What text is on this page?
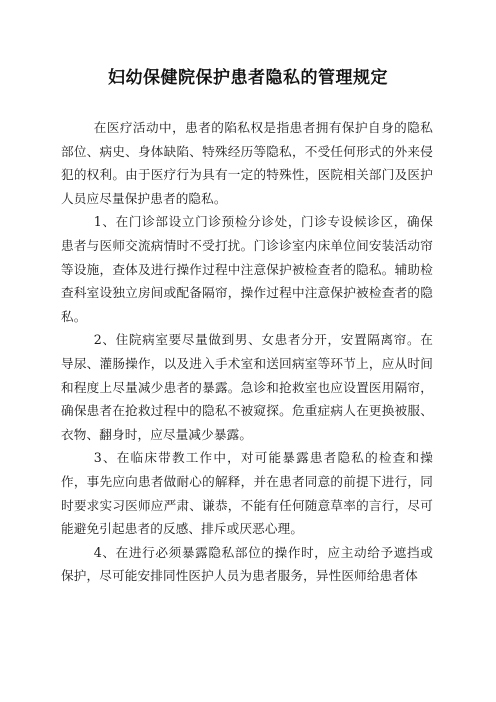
妇幼保健院保护患者隐私的管理规定

在医疗活动中，患者的陷私权是指患者拥有保护自身的隐私部位、病史、身体缺陷、特殊经历等隐私，不受任何形式的外来侵犯的权利。由于医疗行为具有一定的特殊性，医院相关部门及医护人员应尽量保护患者的隐私。

1、在门诊部设立门诊预检分诊处，门诊专设候诊区，确保患者与医师交流病情时不受打扰。门诊诊室内床单位间安装活动帘等设施，查体及进行操作过程中注意保护被检查者的隐私。辅助检查科室设独立房间或配备隔帘，操作过程中注意保护被检查者的隐私。

2、住院病室要尽量做到男、女患者分开，安置隔离帘。在导尿、灌肠操作，以及进入手术室和送回病室等环节上，应从时间和程度上尽量减少患者的暴露。急诊和抢救室也应设置医用隔帘，确保患者在抢救过程中的隐私不被窥探。危重症病人在更换被服、衣物、翻身时，应尽量减少暴露。

3、在临床带教工作中，对可能暴露患者隐私的检查和操作，事先应向患者做耐心的解释，并在患者同意的前提下进行，同时要求实习医师应严肃、谦恭，不能有任何随意草率的言行，尽可能避免引起患者的反感、排斥或厌恶心理。

4、在进行必须暴露隐私部位的操作时，应主动给予遮挡或保护，尽可能安排同性医护人员为患者服务，异性医师给患者体
